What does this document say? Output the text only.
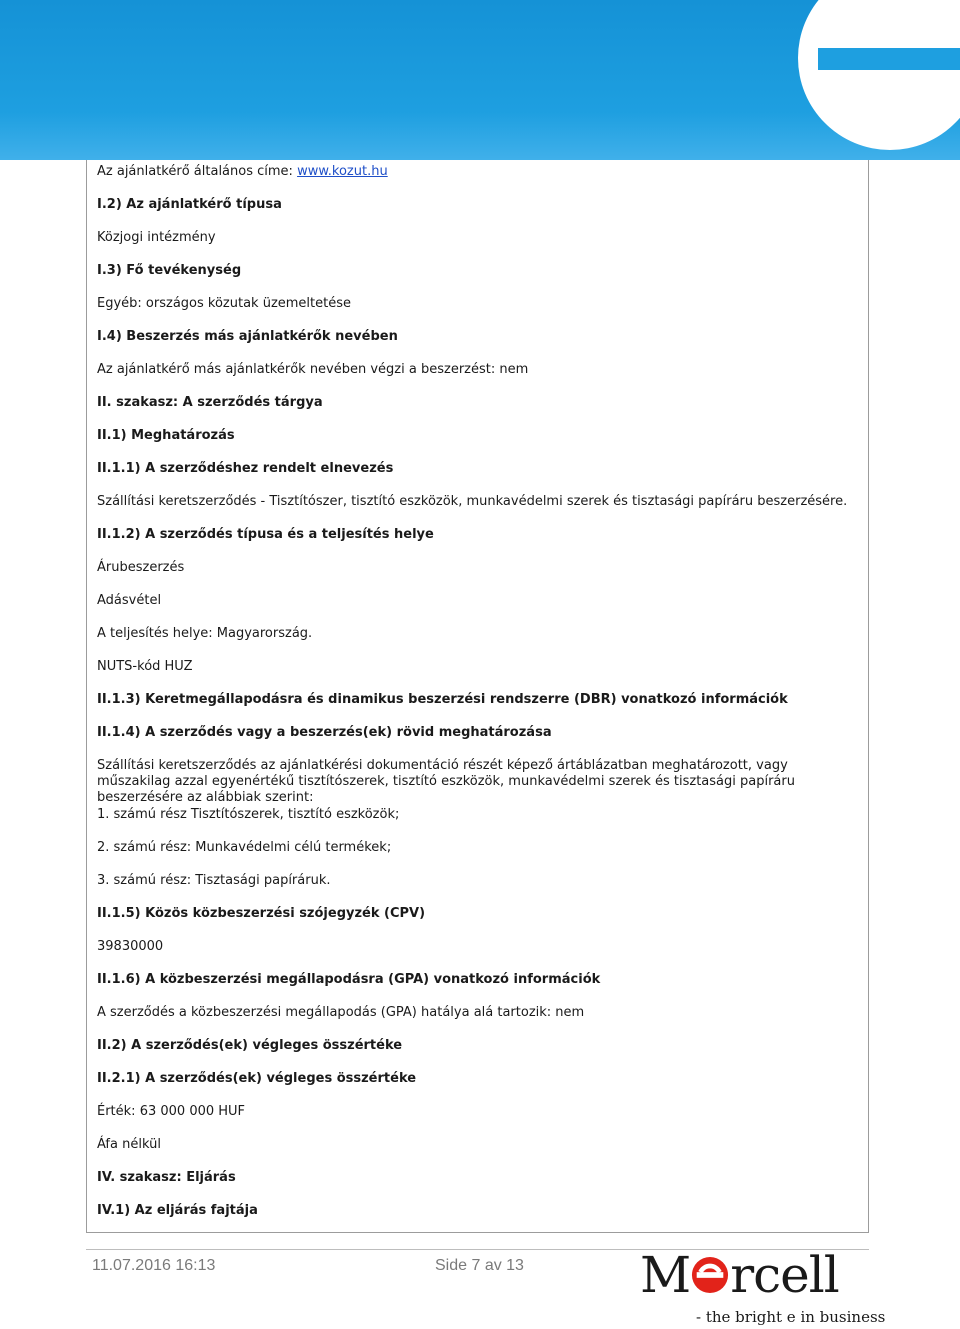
Az ajánlatkérő általános címe: www.kozut.hu

I.2) Az ajánlatkérő típusa

Közjogi intézmény

I.3) Fő tevékenység

Egyéb: országos közutak üzemeltetése

I.4) Beszerzés más ajánlatkérők nevében

Az ajánlatkérő más ajánlatkérők nevében végzi a beszerzést: nem

II. szakasz: A szerződés tárgya

II.1) Meghatározás

II.1.1) A szerződéshez rendelt elnevezés

Szállítási keretszerződés - Tisztítószer, tisztító eszközök, munkavédelmi szerek és tisztasági papíráru beszerzésére.

II.1.2) A szerződés típusa és a teljesítés helye

Árubeszerzés

Adásvétel

A teljesítés helye: Magyarország.

NUTS-kód HUZ

II.1.3) Keretmegállapodásra és dinamikus beszerzési rendszerre (DBR) vonatkozó információk

II.1.4) A szerződés vagy a beszerzés(ek) rövid meghatározása

Szállítási keretszerződés az ajánlatkérési dokumentáció részét képező ártáblázatban meghatározott, vagy műszakilag azzal egyenértékű tisztítószerek, tisztító eszközök, munkavédelmi szerek és tisztasági papíráru beszerzésére az alábbiak szerint:

1. számú rész Tisztítószerek, tisztító eszközök;

2. számú rész: Munkavédelmi célú termékek;

3. számú rész: Tisztasági papíráruk.

II.1.5) Közös közbeszerzési szójegyzék (CPV)

39830000

II.1.6) A közbeszerzési megállapodásra (GPA) vonatkozó információk

A szerződés a közbeszerzési megállapodás (GPA) hatálya alá tartozik: nem

II.2) A szerződés(ek) végleges összértéke

II.2.1) A szerződés(ek) végleges összértéke

Érték: 63 000 000 HUF

Áfa nélkül

IV. szakasz: Eljárás

IV.1) Az eljárás fajtája

11.07.2016 16:13	Side 7 av 13 M rcell
- the bright e in business
